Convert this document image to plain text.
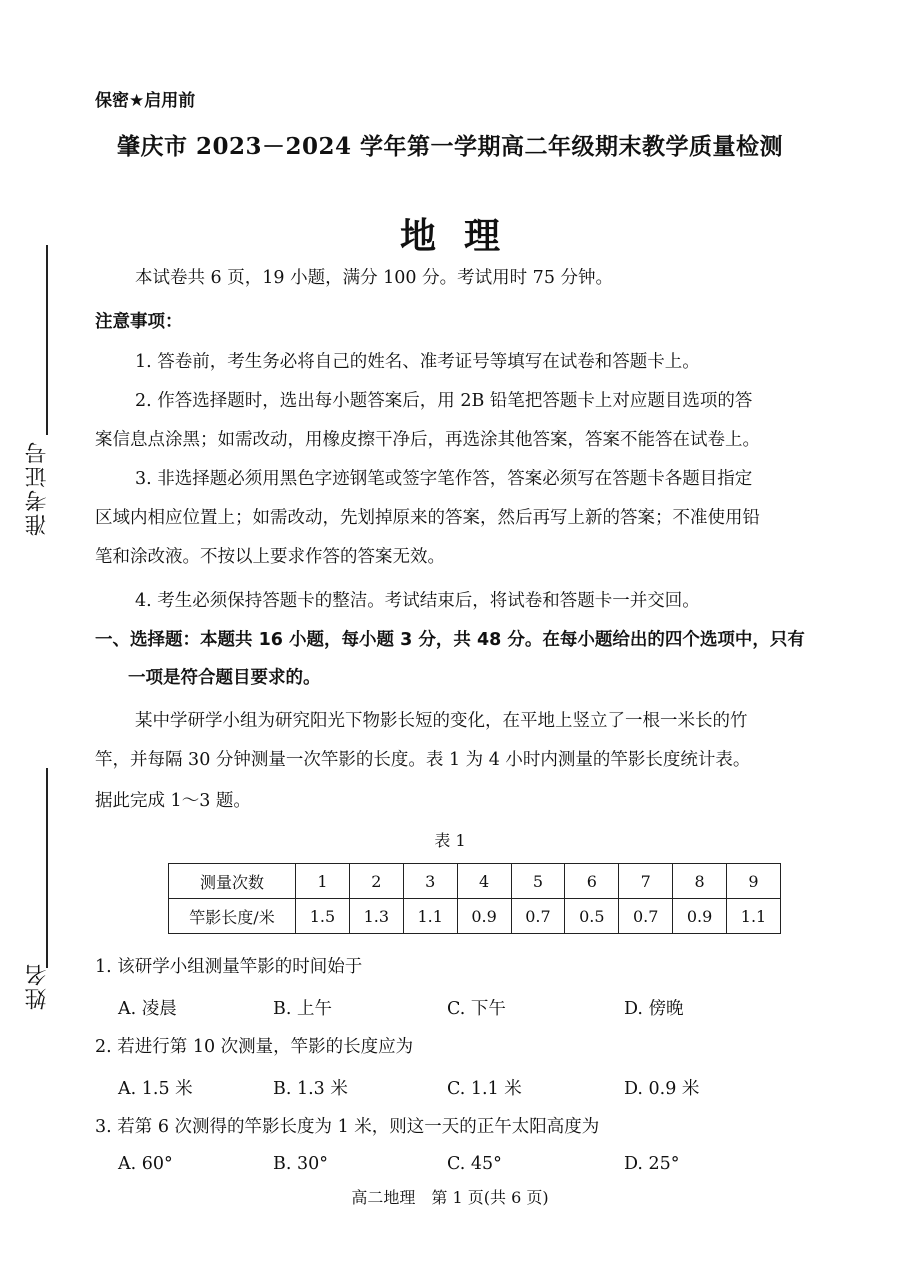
保密★启用前
肇庆市 2023－2024 学年第一学期高二年级期末教学质量检测
地理
准考证号
姓名
本试卷共 6 页，19 小题，满分 100 分。考试用时 75 分钟。
注意事项：
1. 答卷前，考生务必将自己的姓名、准考证号等填写在试卷和答题卡上。
2. 作答选择题时，选出每小题答案后，用 2B 铅笔把答题卡上对应题目选项的答
案信息点涂黑；如需改动，用橡皮擦干净后，再选涂其他答案，答案不能答在试卷上。
3. 非选择题必须用黑色字迹钢笔或签字笔作答，答案必须写在答题卡各题目指定
区域内相应位置上；如需改动，先划掉原来的答案，然后再写上新的答案；不准使用铅
笔和涂改液。不按以上要求作答的答案无效。
4. 考生必须保持答题卡的整洁。考试结束后，将试卷和答题卡一并交回。
一、选择题：本题共 16 小题，每小题 3 分，共 48 分。在每小题给出的四个选项中，只有
一项是符合题目要求的。
某中学研学小组为研究阳光下物影长短的变化，在平地上竖立了一根一米长的竹
竿，并每隔 30 分钟测量一次竿影的长度。表 1 为 4 小时内测量的竿影长度统计表。
据此完成 1～3 题。
表 1
测量次数	1	2	3	4	5	6	7	8	9
竿影长度/米	1.5	1.3	1.1	0.9	0.7	0.5	0.7	0.9	1.1
1. 该研学小组测量竿影的时间始于
A. 凌晨	B. 上午	C. 下午	D. 傍晚
2. 若进行第 10 次测量，竿影的长度应为
A. 1.5 米	B. 1.3 米	C. 1.1 米	D. 0.9 米
3. 若第 6 次测得的竿影长度为 1 米，则这一天的正午太阳高度为
A. 60°	B. 30°	C. 45°	D. 25°
高二地理　第 1 页(共 6 页)
